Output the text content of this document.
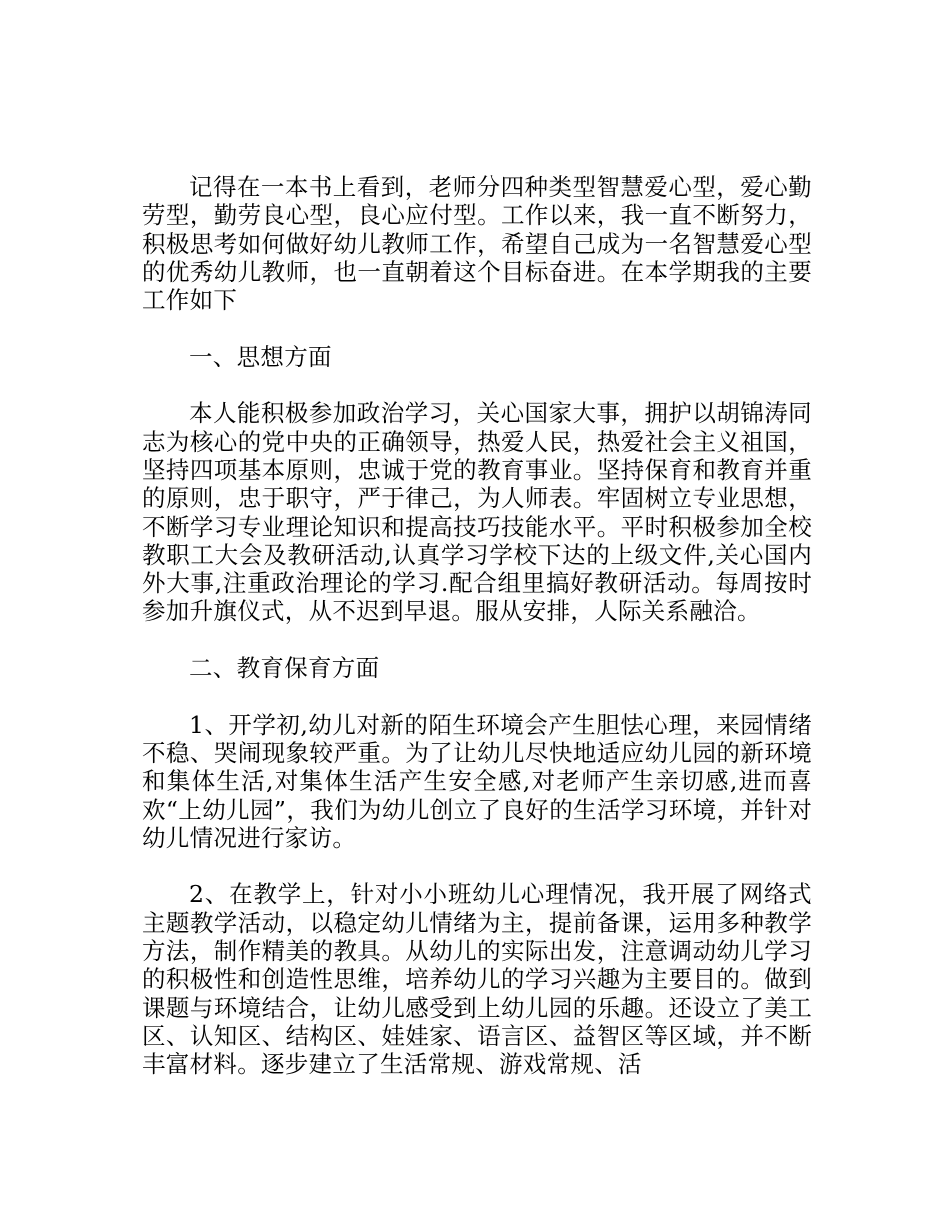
记得在一本书上看到，老师分四种类型智慧爱心型，爱心勤劳型，勤劳良心型，良心应付型。工作以来，我一直不断努力，积极思考如何做好幼儿教师工作，希望自己成为一名智慧爱心型的优秀幼儿教师，也一直朝着这个目标奋进。在本学期我的主要工作如下

一、思想方面

本人能积极参加政治学习，关心国家大事，拥护以胡锦涛同志为核心的党中央的正确领导，热爱人民，热爱社会主义祖国，坚持四项基本原则，忠诚于党的教育事业。坚持保育和教育并重的原则，忠于职守，严于律己，为人师表。牢固树立专业思想，不断学习专业理论知识和提高技巧技能水平。平时积极参加全校教职工大会及教研活动,认真学习学校下达的上级文件,关心国内外大事,注重政治理论的学习.配合组里搞好教研活动。每周按时参加升旗仪式，从不迟到早退。服从安排，人际关系融洽。

二、教育保育方面

1、开学初,幼儿对新的陌生环境会产生胆怯心理，来园情绪不稳、哭闹现象较严重。为了让幼儿尽快地适应幼儿园的新环境和集体生活,对集体生活产生安全感,对老师产生亲切感,进而喜欢“上幼儿园”，我们为幼儿创立了良好的生活学习环境，并针对幼儿情况进行家访。

2、在教学上，针对小小班幼儿心理情况，我开展了网络式主题教学活动，以稳定幼儿情绪为主，提前备课，运用多种教学方法，制作精美的教具。从幼儿的实际出发，注意调动幼儿学习的积极性和创造性思维，培养幼儿的学习兴趣为主要目的。做到课题与环境结合，让幼儿感受到上幼儿园的乐趣。还设立了美工区、认知区、结构区、娃娃家、语言区、益智区等区域，并不断丰富材料。逐步建立了生活常规、游戏常规、活
